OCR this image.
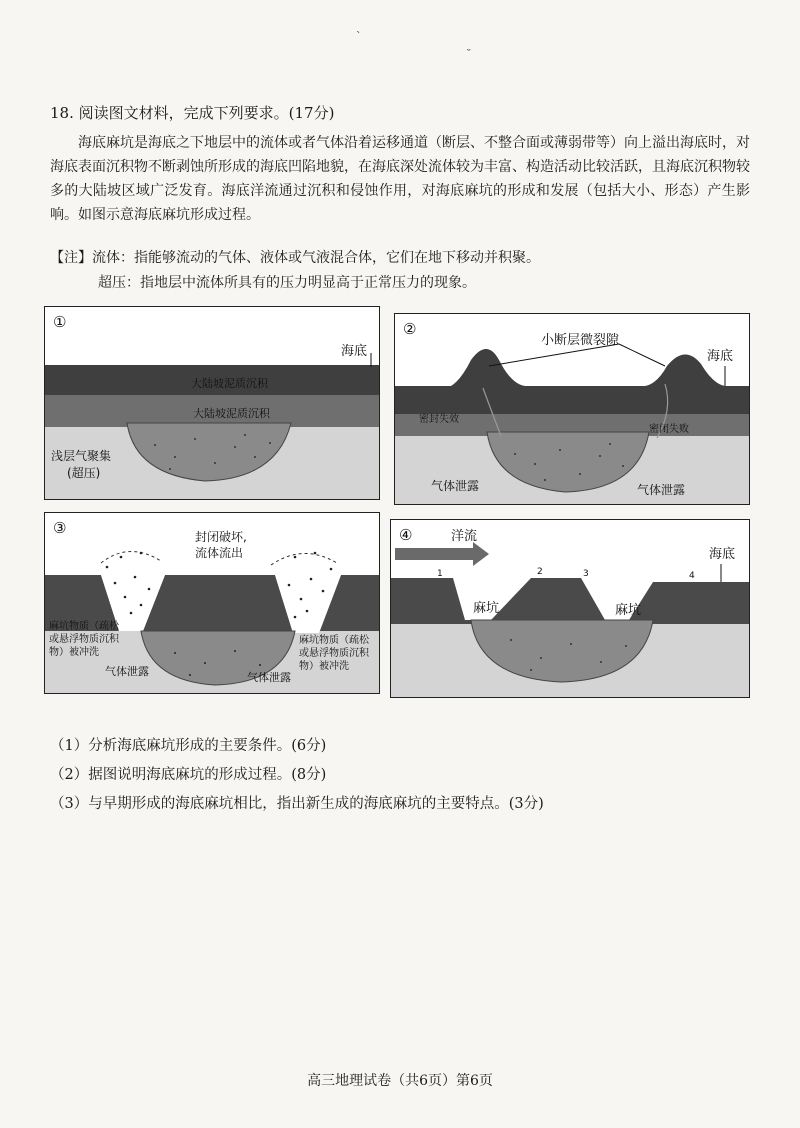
ˋ
˘
18. 阅读图文材料，完成下列要求。(17分)

海底麻坑是海底之下地层中的流体或者气体沿着运移通道（断层、不整合面或薄弱带等）向上溢出海底时，对海底表面沉积物不断剥蚀所形成的海底凹陷地貌，在海底深处流体较为丰富、构造活动比较活跃，且海底沉积物较多的大陆坡区域广泛发育。海底洋流通过沉积和侵蚀作用，对海底麻坑的形成和发展（包括大小、形态）产生影响。如图示意海底麻坑形成过程。

【注】流体：指能够流动的气体、液体或气液混合体，它们在地下移动并积聚。
超压：指地层中流体所具有的压力明显高于正常压力的现象。
①
海底
大陆坡泥质沉积
大陆坡泥质沉积
浅层气聚集
(超压)
②
小断层微裂隙
海底
密封失效
密闭失败
气体泄露	气体泄露
③	封闭破坏,
流体流出
麻坑物质（疏松
或悬浮物质沉积
物）被冲洗
麻坑物质（疏松
或悬浮物质沉积
物）被冲洗
气体泄露	气体泄露
④	洋流
海底
麻坑	麻坑
1	2	3	4
（1）分析海底麻坑形成的主要条件。(6分)
（2）据图说明海底麻坑的形成过程。(8分)
（3）与早期形成的海底麻坑相比，指出新生成的海底麻坑的主要特点。(3分)
高三地理试卷（共6页）第6页
